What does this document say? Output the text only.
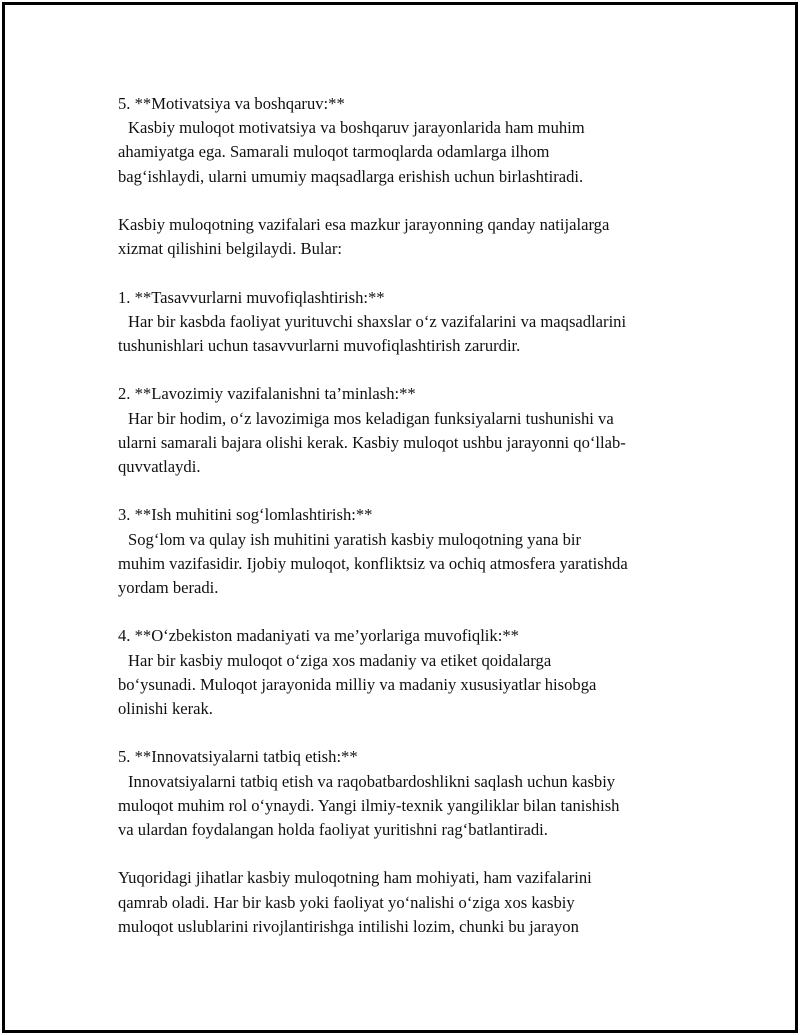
5. **Motivatsiya va boshqaruv:**

Kasbiy muloqot motivatsiya va boshqaruv jarayonlarida ham muhim

ahamiyatga ega. Samarali muloqot tarmoqlarda odamlarga ilhom

bag‘ishlaydi, ularni umumiy maqsadlarga erishish uchun birlashtiradi.

Kasbiy muloqotning vazifalari esa mazkur jarayonning qanday natijalarga

xizmat qilishini belgilaydi. Bular:

1. **Tasavvurlarni muvofiqlashtirish:**

Har bir kasbda faoliyat yurituvchi shaxslar o‘z vazifalarini va maqsadlarini

tushunishlari uchun tasavvurlarni muvofiqlashtirish zarurdir.

2. **Lavozimiy vazifalanishni ta’minlash:**

Har bir hodim, o‘z lavozimiga mos keladigan funksiyalarni tushunishi va

ularni samarali bajara olishi kerak. Kasbiy muloqot ushbu jarayonni qo‘llab-

quvvatlaydi.

3. **Ish muhitini sog‘lomlashtirish:**

Sog‘lom va qulay ish muhitini yaratish kasbiy muloqotning yana bir

muhim vazifasidir. Ijobiy muloqot, konfliktsiz va ochiq atmosfera yaratishda

yordam beradi.

4. **O‘zbekiston madaniyati va me’yorlariga muvofiqlik:**

Har bir kasbiy muloqot o‘ziga xos madaniy va etiket qoidalarga

bo‘ysunadi. Muloqot jarayonida milliy va madaniy xususiyatlar hisobga

olinishi kerak.

5. **Innovatsiyalarni tatbiq etish:**

Innovatsiyalarni tatbiq etish va raqobatbardoshlikni saqlash uchun kasbiy

muloqot muhim rol o‘ynaydi. Yangi ilmiy-texnik yangiliklar bilan tanishish

va ulardan foydalangan holda faoliyat yuritishni rag‘batlantiradi.

Yuqoridagi jihatlar kasbiy muloqotning ham mohiyati, ham vazifalarini

qamrab oladi. Har bir kasb yoki faoliyat yo‘nalishi o‘ziga xos kasbiy

muloqot uslublarini rivojlantirishga intilishi lozim, chunki bu jarayon
